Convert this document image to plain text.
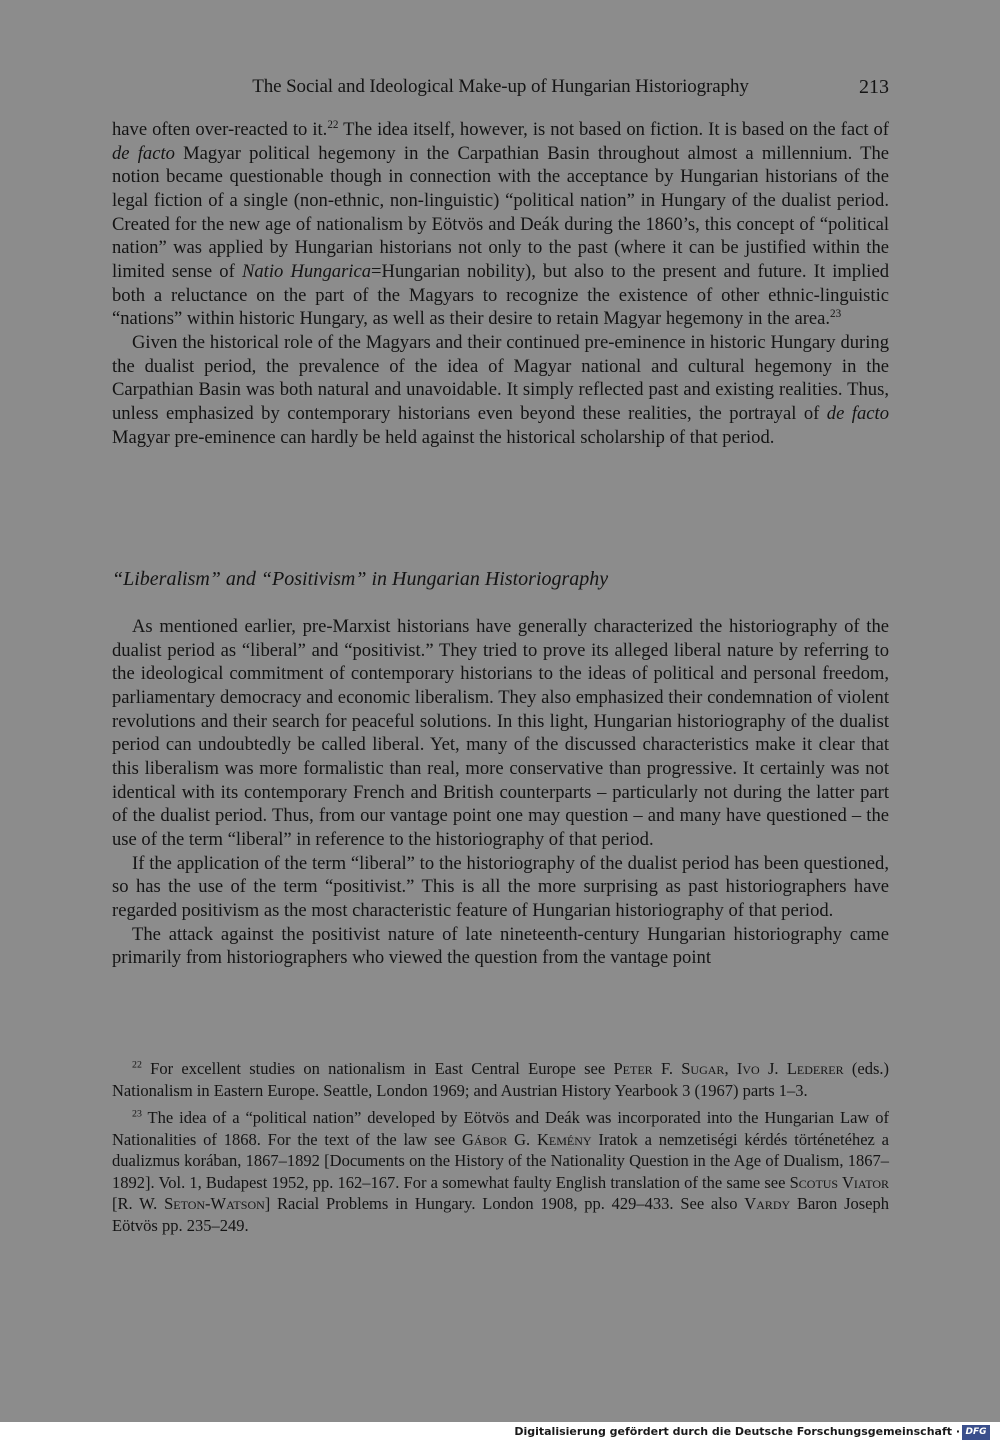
The Social and Ideological Make-up of Hungarian Historiography	213

have often over-reacted to it.$^{22}$ The idea itself, however, is not based on fiction. It is based on the fact of de facto Magyar political hegemony in the Carpathian Basin throughout almost a millennium. The notion became questionable though in connection with the acceptance by Hungarian historians of the legal fiction of a single (non-ethnic, non-linguistic) “political nation” in Hungary of the dualist period. Created for the new age of nationalism by Eötvös and Deák during the 1860’s, this concept of “political nation” was applied by Hungarian historians not only to the past (where it can be justified within the limited sense of Natio Hungarica=Hungarian nobility), but also to the present and future. It implied both a reluctance on the part of the Magyars to recognize the existence of other ethnic-linguistic “nations” within historic Hungary, as well as their desire to retain Magyar hegemony in the area.$^{23}$

Given the historical role of the Magyars and their continued pre-eminence in historic Hungary during the dualist period, the prevalence of the idea of Magyar national and cultural hegemony in the Carpathian Basin was both natural and unavoidable. It simply reflected past and existing realities. Thus, unless emphasized by contemporary historians even beyond these realities, the portrayal of de facto Magyar pre-eminence can hardly be held against the historical scholarship of that period.

“Liberalism” and “Positivism” in Hungarian Historiography

As mentioned earlier, pre-Marxist historians have generally characterized the historiography of the dualist period as “liberal” and “positivist.” They tried to prove its alleged liberal nature by referring to the ideological commitment of contemporary historians to the ideas of political and personal freedom, parliamentary democracy and economic liberalism. They also emphasized their condemnation of violent revolutions and their search for peaceful solutions. In this light, Hungarian historiography of the dualist period can undoubtedly be called liberal. Yet, many of the discussed characteristics make it clear that this liberalism was more formalistic than real, more conservative than progressive. It certainly was not identical with its contemporary French and British counterparts – particularly not during the latter part of the dualist period. Thus, from our vantage point one may question – and many have questioned – the use of the term “liberal” in reference to the historiography of that period.

If the application of the term “liberal” to the historiography of the dualist period has been questioned, so has the use of the term “positivist.” This is all the more surprising as past historiographers have regarded positivism as the most characteristic feature of Hungarian historiography of that period.

The attack against the positivist nature of late nineteenth-century Hungarian historiography came primarily from historiographers who viewed the question from the vantage point

$^{22}$ For excellent studies on nationalism in East Central Europe see Peter F. Sugar, Ivo J. Lederer (eds.) Nationalism in Eastern Europe. Seattle, London 1969; and Austrian History Yearbook 3 (1967) parts 1–3.

$^{23}$ The idea of a “political nation” developed by Eötvös and Deák was incorporated into the Hungarian Law of Nationalities of 1868. For the text of the law see Gábor G. Kemény Iratok a nemzetiségi kérdés történetéhez a dualizmus korában, 1867–1892 [Documents on the History of the Nationality Question in the Age of Dualism, 1867–1892]. Vol. 1, Budapest 1952, pp. 162–167. For a somewhat faulty English translation of the same see Scotus Viator [R. W. Seton-Watson] Racial Problems in Hungary. London 1908, pp. 429–433. See also Vardy Baron Joseph Eötvös pp. 235–249.

Digitalisierung gefördert durch die Deutsche Forschungsgemeinschaft · DFG
